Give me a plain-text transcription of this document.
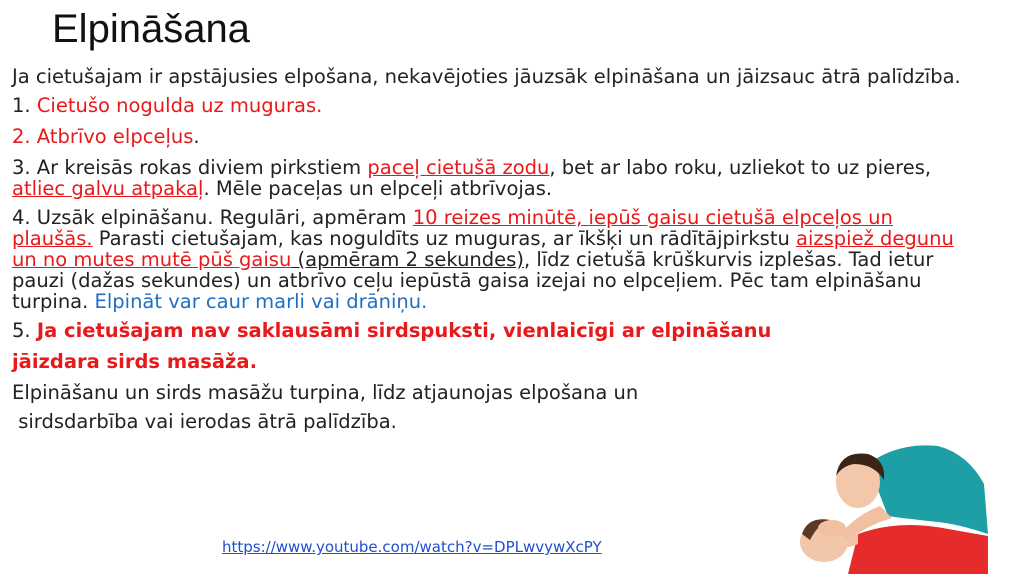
Elpināšana

Ja cietušajam ir apstājusies elpošana, nekavējoties jāuzsāk elpināšana un jāizsauc ātrā palīdzība.

1. Cietušo noguldа uz muguras.

2. Atbrīvo elpceļus.

3. Ar kreisās rokas diviem pirkstiem paceļ cietušā zodu, bet ar labo roku, uzliekot to uz pieres, atliec galvu atpakaļ. Mēle paceļas un elpceļi atbrīvojas.

4. Uzsāk elpināšanu. Regulāri, apmēram 10 reizes minūtē, iepūš gaisu cietušā elpceļos un plaušās. Parasti cietušajam, kas noguldīts uz muguras, ar īkšķi un rādītājpirkstu aizspiež degunu un no mutes mutē pūš gaisu (apmēram 2 sekundes), līdz cietušā krūškurvis izplešas. Tad ietur pauzi (dažas sekundes) un atbrīvo ceļu iepūstā gaisa izejai no elpceļiem. Pēc tam elpināšanu turpina. Elpināt var caur marli vai drāniņu.

5. Ja cietušajam nav saklausāmi sirdspuksti, vienlaicīgi ar elpināšanu

jāizdara sirds masāža.

Elpināšanu un sirds masāžu turpina, līdz atjaunojas elpošana un

sirdsdarbība vai ierodas ātrā palīdzība.

https://www.youtube.com/watch?v=DPLwvywXcPY
